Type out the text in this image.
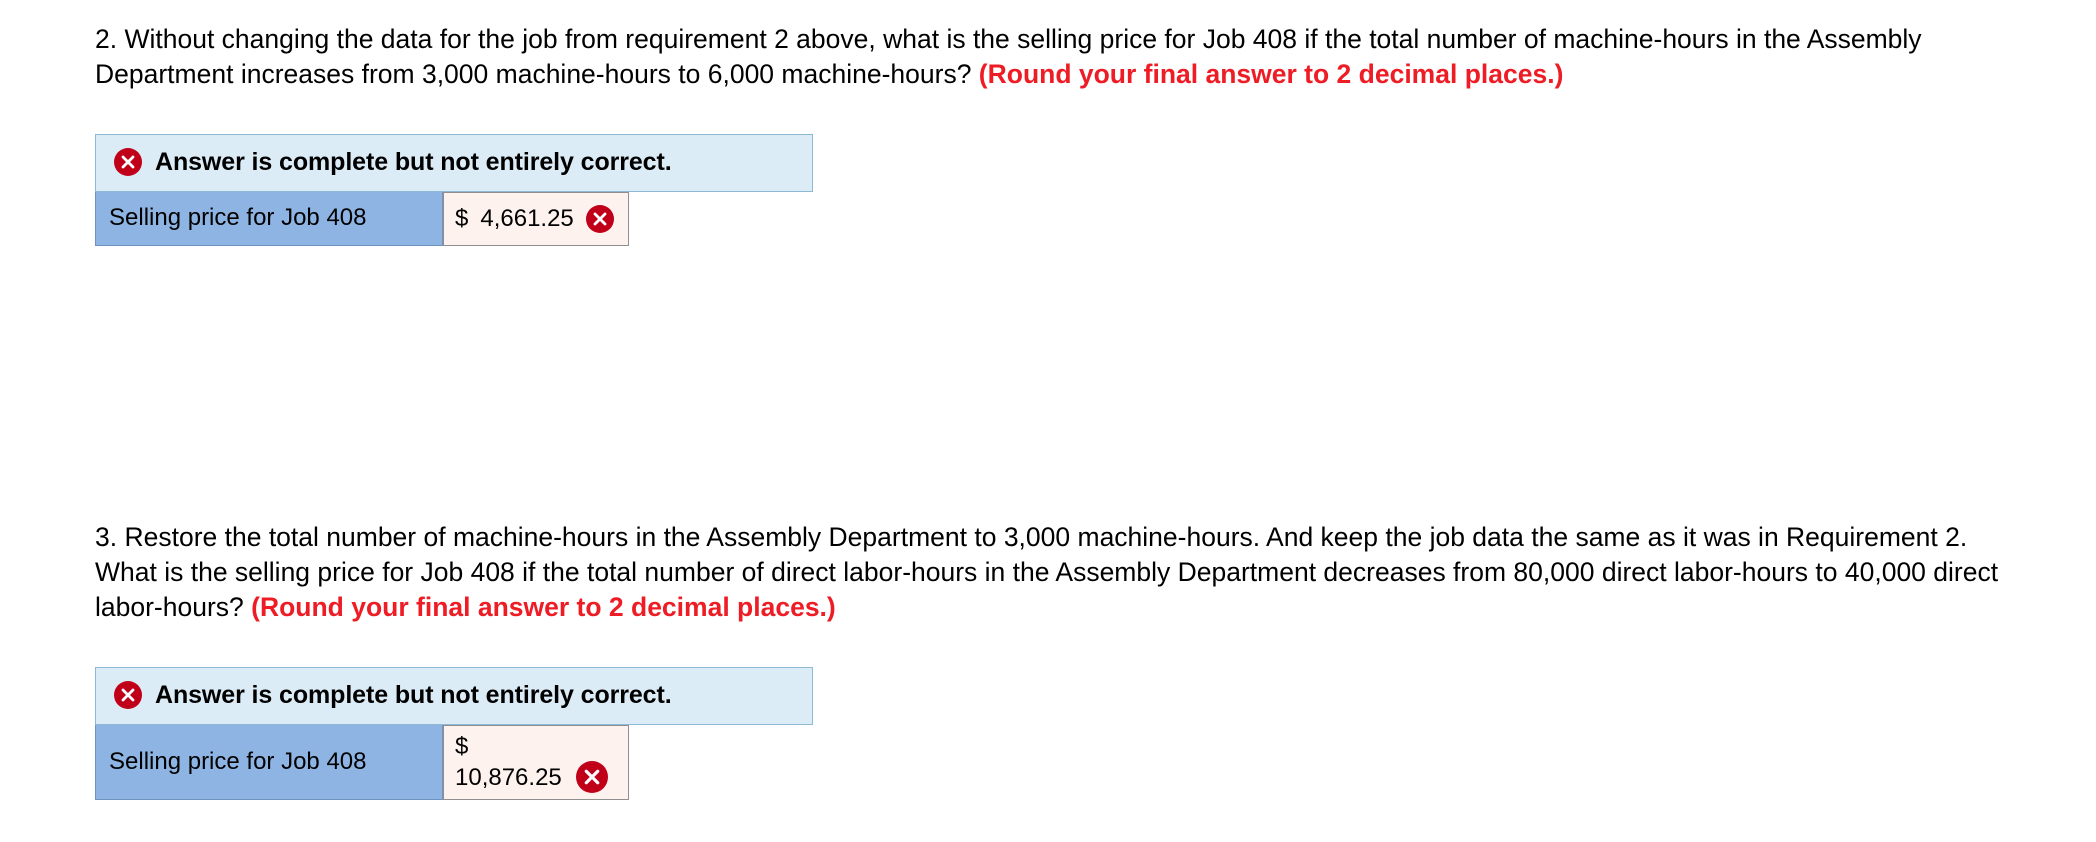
2. Without changing the data for the job from requirement 2 above, what is the selling price for Job 408 if the total number of machine-hours in the Assembly Department increases from 3,000 machine-hours to 6,000 machine-hours? (Round your final answer to 2 decimal places.)

Answer is complete but not entirely correct.
Selling price for Job 408	$ 4,661.25

3. Restore the total number of machine-hours in the Assembly Department to 3,000 machine-hours. And keep the job data the same as it was in Requirement 2. What is the selling price for Job 408 if the total number of direct labor-hours in the Assembly Department decreases from 80,000 direct labor-hours to 40,000 direct labor-hours? (Round your final answer to 2 decimal places.)

Answer is complete but not entirely correct.
Selling price for Job 408
$
10,876.25
